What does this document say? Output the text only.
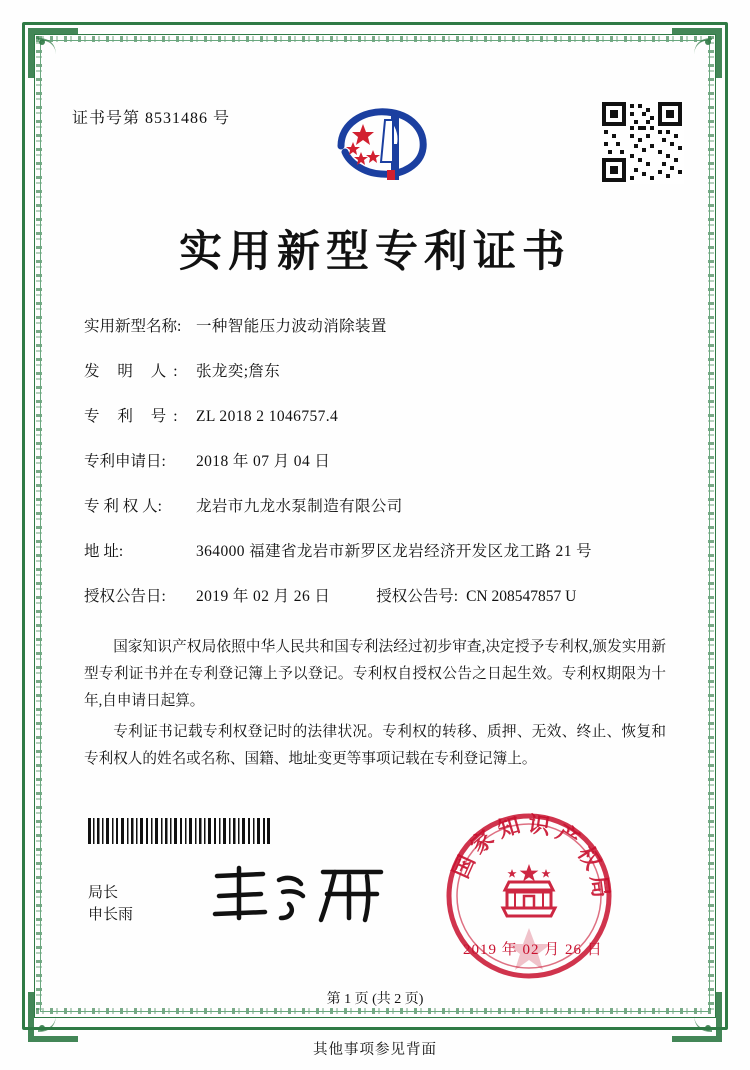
证书号第 8531486 号
实用新型专利证书
实用新型名称: 一种智能压力波动消除装置
发 明 人: 张龙奕;詹东
专 利 号: ZL 2018 2 1046757.4
专利申请日:	2018 年 07 月 04 日
专 利 权 人:	龙岩市九龙水泵制造有限公司
地 址:	364000 福建省龙岩市新罗区龙岩经济开发区龙工路 21 号
授权公告日:	2019 年 02 月 26 日	授权公告号: CN 208547857 U

国家知识产权局依照中华人民共和国专利法经过初步审查,决定授予专利权,颁发实用新型专利证书并在专利登记簿上予以登记。专利权自授权公告之日起生效。专利权期限为十年,自申请日起算。

专利证书记载专利权登记时的法律状况。专利权的转移、质押、无效、终止、恢复和专利权人的姓名或名称、国籍、地址变更等事项记载在专利登记簿上。

局长
申长雨
国 家 知 识 产 权 局
2019 年 02 月 26 日
第 1 页 (共 2 页)
其他事项参见背面
